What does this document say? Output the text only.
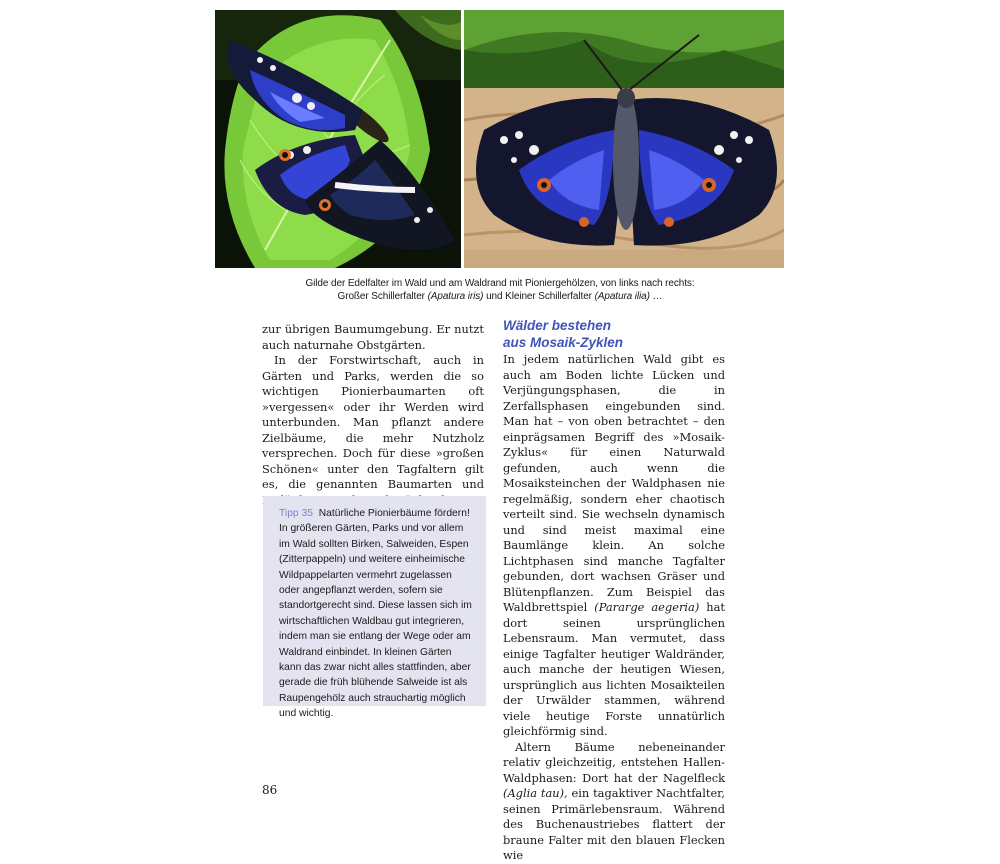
Gilde der Edelfalter im Wald und am Waldrand mit Pioniergehölzen, von links nach rechts:
Großer Schillerfalter (Apatura iris) und Kleiner Schillerfalter (Apatura ilia) …

zur übrigen Baumumgebung. Er nutzt auch naturnahe Obstgärten.

In der Forstwirtschaft, auch in Gärten und Parks, werden die so wichtigen Pionierbaumarten oft »vergessen« oder ihr Werden wird unterbunden. Man pflanzt andere Zielbäume, die mehr Nutzholz versprechen. Doch für diese »großen Schönen« unter den Tagfaltern gilt es, die genannten Baumarten und

Tipp 35 Natürliche Pionierbäume fördern! In größeren Gärten, Parks und vor allem im Wald sollten Birken, Salweiden, Espen (Zitterpappeln) und weitere einheimische Wildpappelarten vermehrt zugelassen oder angepflanzt werden, sofern sie standortgerecht sind. Diese lassen sich im wirtschaftlichen Waldbau gut integrieren, indem man sie entlang der Wege oder am Waldrand einbindet. In kleinen Gärten kann das zwar nicht alles stattfinden, aber gerade die früh blühende Salweide ist als Raupengehölz auch strauchartig möglich und wichtig.
Wälder bestehen
aus Mosaik-Zyklen

In jedem natürlichen Wald gibt es auch am Boden lichte Lücken und Verjüngungsphasen, die in Zerfallsphasen eingebunden sind. Man hat – von oben betrachtet – den einprägsamen Begriff des »Mosaik-Zyklus« für einen Naturwald gefunden, auch wenn die Mosaiksteinchen der Waldphasen nie regelmäßig, sondern eher chaotisch verteilt sind. Sie wechseln dynamisch und sind meist maximal eine Baumlänge klein. An solche Lichtphasen sind manche Tagfalter gebunden, dort wachsen Gräser und Blütenpflanzen. Zum Beispiel das Waldbrettspiel (Pararge aegeria) hat dort seinen ursprünglichen Lebensraum. Man vermutet, dass einige Tagfalter heutiger Waldränder, auch manche der heutigen Wiesen, ursprünglich aus lichten Mosaikteilen der Urwälder stammen, während viele heutige Forste unnatürlich gleichförmig sind.

Altern Bäume nebeneinander relativ gleichzeitig, entstehen Hallen-Waldphasen: Dort hat der Nagelfleck (Aglia tau), ein tagaktiver Nachtfalter, seinen Primärlebensraum. Während des Buchenaustriebes flattert der braune Falter mit den blauen Flecken wie

86
